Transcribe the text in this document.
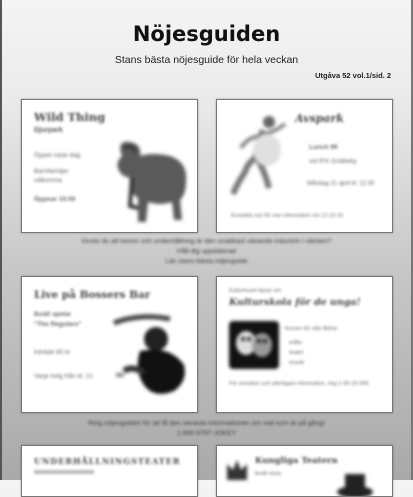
Nöjesguiden
Stans bästa nöjesguide för hela veckan
Utgåva 52 vol.1/sid. 2
Wild Thing
Djurpark
Öppet varje dag
Barnfamiljer välkomna
Öppnar 10:00
Avspark
Lunch 99
vid IFK Gnälleby
Måndag 21 april kl. 12:30
Kontakta oss för mer information om 12-10-15
Visste du att turism och underhållning är den snabbast växande industrin i världen?
Håll dig uppdaterad
Läs stans bästa nöjesguide
Live på Bossers Bar
Ikväll spelar
"The Regulars"
Inträde 80 kr
Varje helg från kl. 21
Kulturhuset tipsar om
Kulturskola för de unga!
Kurser för alla åldrar
måla
teater
musik
För anmälan och ytterligare information, ring 1-90-15-999
Ring nöjesguiden för att få den senaste informationen om vad som är på gång!
1-900-5797-JOKEY
UNDERHÅLLNINGSTEATER	Kungliga Teatern
ikväll visas
